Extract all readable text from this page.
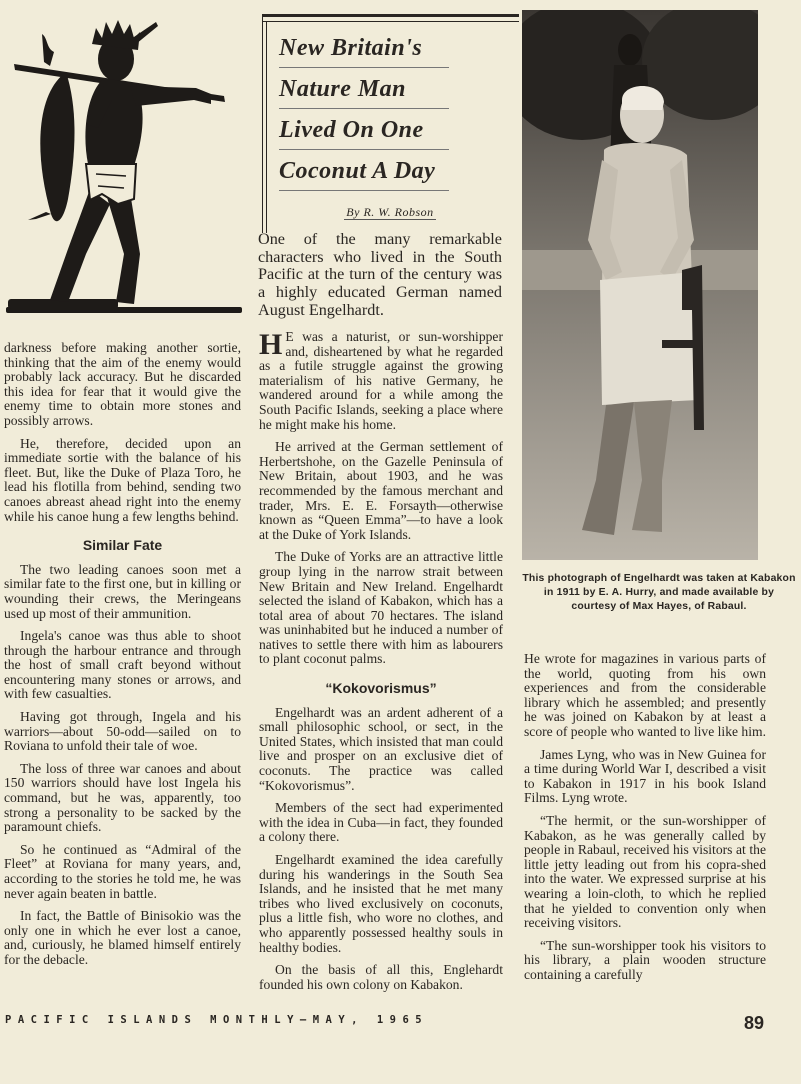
darkness before making another sortie, thinking that the aim of the enemy would probably lack accuracy. But he discarded this idea for fear that it would give the enemy time to obtain more stones and possibly arrows.

He, therefore, decided upon an immediate sortie with the balance of his fleet. But, like the Duke of Plaza Toro, he lead his flotilla from behind, sending two canoes abreast ahead right into the enemy while his canoe hung a few lengths behind.

Similar Fate

The two leading canoes soon met a similar fate to the first one, but in killing or wounding their crews, the Meringeans used up most of their ammunition.

Ingela's canoe was thus able to shoot through the harbour entrance and through the host of small craft beyond without encountering many stones or arrows, and with few casualties.

Having got through, Ingela and his warriors—about 50-odd—sailed on to Roviana to unfold their tale of woe.

The loss of three war canoes and about 150 warriors should have lost Ingela his command, but he was, apparently, too strong a personality to be sacked by the paramount chiefs.

So he continued as “Admiral of the Fleet” at Roviana for many years, and, according to the stories he told me, he was never again beaten in battle.

In fact, the Battle of Binisokio was the only one in which he ever lost a canoe, and, curiously, he blamed himself entirely for the debacle.

New Britain's
Nature Man
Lived On One
Coconut A Day
By R. W. Robson
One of the many remarkable characters who lived in the South Pacific at the turn of the century was a highly educated German named August Engelhardt.

H E was a naturist, or sun-worshipper and, disheartened by what he regarded as a futile struggle against the growing materialism of his native Germany, he wandered around for a while among the South Pacific Islands, seeking a place where he might make his home.

He arrived at the German settlement of Herbertshohe, on the Gazelle Peninsula of New Britain, about 1903, and he was recommended by the famous merchant and trader, Mrs. E. E. Forsayth—otherwise known as “Queen Emma”—to have a look at the Duke of York Islands.

The Duke of Yorks are an attractive little group lying in the narrow strait between New Britain and New Ireland. Engelhardt selected the island of Kabakon, which has a total area of about 70 hectares. The island was uninhabited but he induced a number of natives to settle there with him as labourers to plant coconut palms.

“Kokovorismus”

Engelhardt was an ardent adherent of a small philosophic school, or sect, in the United States, which insisted that man could live and prosper on an exclusive diet of coconuts. The practice was called “Kokovorismus”.

Members of the sect had experimented with the idea in Cuba—in fact, they founded a colony there.

Engelhardt examined the idea carefully during his wanderings in the South Sea Islands, and he insisted that he met many tribes who lived exclusively on coconuts, plus a little fish, who wore no clothes, and who apparently possessed healthy souls in healthy bodies.

On the basis of all this, Englehardt founded his own colony on Kabakon.

This photograph of Engelhardt was taken at Kabakon in 1911 by E. A. Hurry, and made available by courtesy of Max Hayes, of Rabaul.

He wrote for magazines in various parts of the world, quoting from his own experiences and from the considerable library which he assembled; and presently he was joined on Kabakon by at least a score of people who wanted to live like him.

James Lyng, who was in New Guinea for a time during World War I, described a visit to Kabakon in 1917 in his book Island Films. Lyng wrote.

“The hermit, or the sun-worshipper of Kabakon, as he was generally called by people in Rabaul, received his visitors at the little jetty leading out from his copra-shed into the water. We expressed surprise at his wearing a loin-cloth, to which he replied that he yielded to convention only when receiving visitors.

“The sun-worshipper took his visitors to his library, a plain wooden structure containing a carefully

PACIFIC ISLANDS MONTHLY—MAY, 1965	89
